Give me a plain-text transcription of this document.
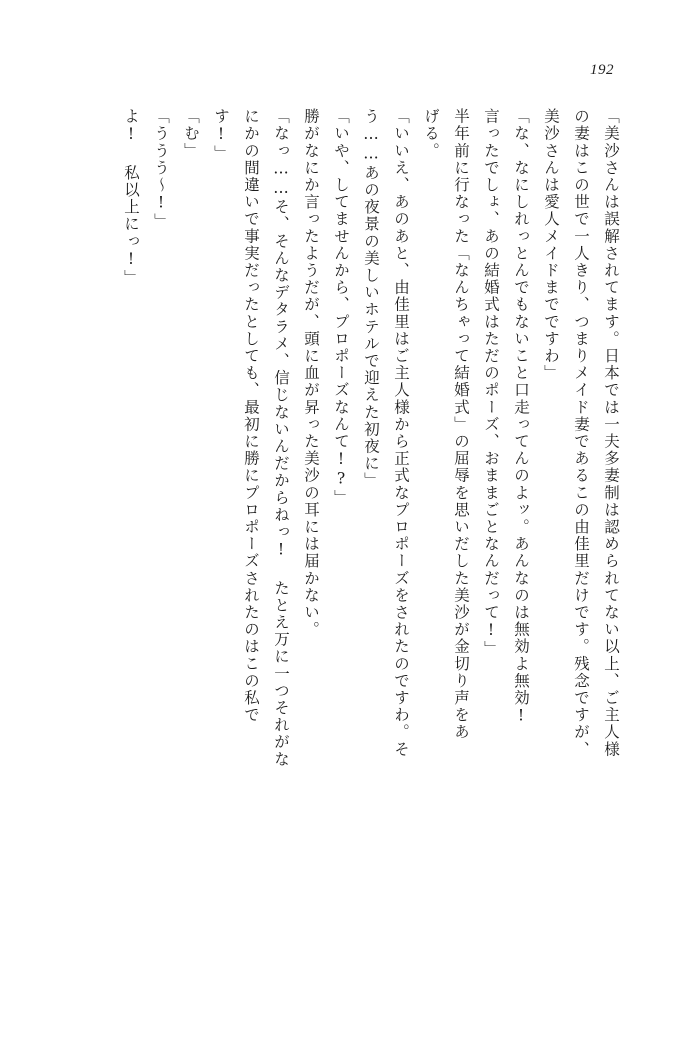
192
「美沙さんは誤解されてます。日本では一夫多妻制は認められてない以上、ご主人様
の妻はこの世で一人きり、つまりメイド妻であるこの由佳里だけです。残念ですが、
美沙さんは愛人メイドまでですわ」
「な、なにしれっとんでもないこと口走ってんのよッ。あんなのは無効よ無効!
言ったでしょ、あの結婚式はただのポーズ、おままごとなんだって!」
半年前に行なった「なんちゃって結婚式」の屈辱を思いだした美沙が金切り声をあ
げる。
「いいえ、あのあと、由佳里はご主人様から正式なプロポーズをされたのですわ。そ
う……あの夜景の美しいホテルで迎えた初夜に」
「いや、してませんから、プロポーズなんて!?」
勝がなにか言ったようだが、頭に血が昇った美沙の耳には届かない。
「なっ……そ、そんなデタラメ、信じないんだからねっ! たとえ万に一つそれがな
にかの間違いで事実だったとしても、最初に勝にプロポーズされたのはこの私で
す!」
「む」
「ううう〜!」
よ! 私以上にっ!」
